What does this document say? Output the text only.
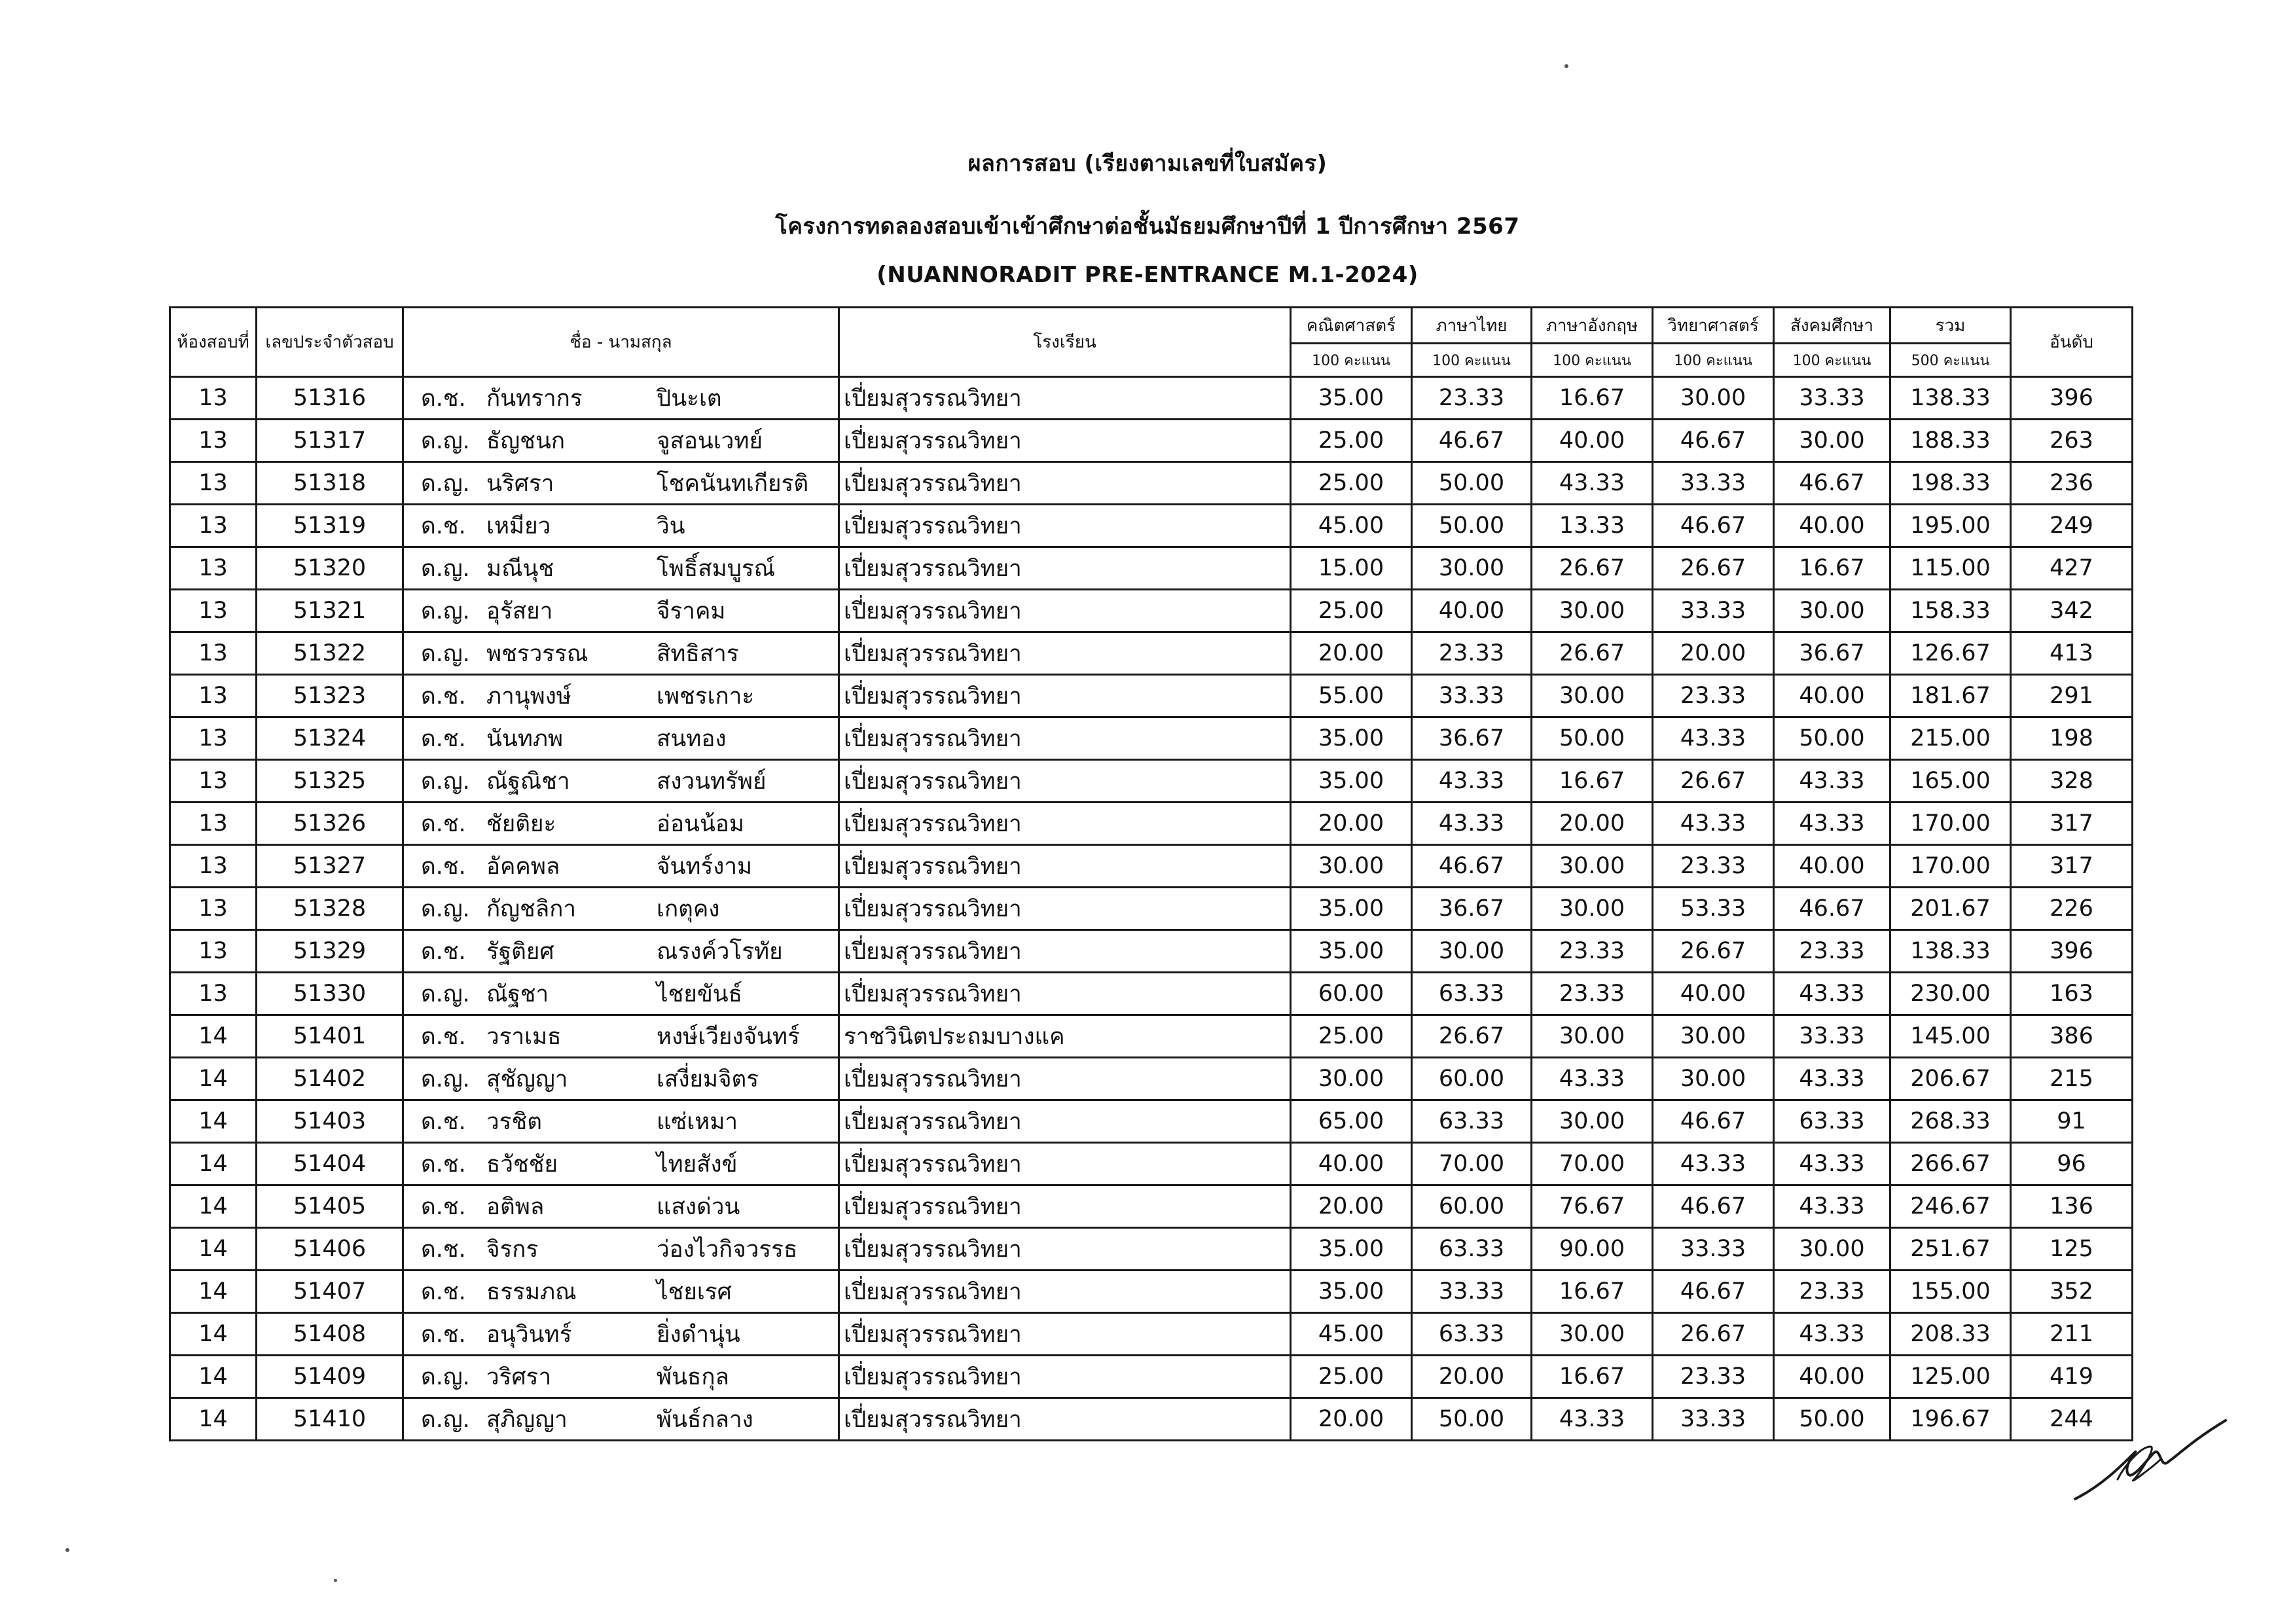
ผลการสอบ (เรียงตามเลขที่ใบสมัคร)
โครงการทดลองสอบเข้าเข้าศึกษาต่อชั้นมัธยมศึกษาปีที่ 1 ปีการศึกษา 2567
(NUANNORADIT PRE-ENTRANCE M.1-2024)
ห้องสอบที่	เลขประจำตัวสอบ	ชื่อ - นามสกุล	โรงเรียน	คณิตศาสตร์	ภาษาไทย	ภาษาอังกฤษ	วิทยาศาสตร์	สังคมศึกษา	รวม	อันดับ
				100 คะแนน	100 คะแนน	100 คะแนน	100 คะแนน	100 คะแนน	500 คะแนน	
13	51316	ด.ช. กันทรากร ปินะเต	เปี่ยมสุวรรณวิทยา	35.00	23.33	16.67	30.00	33.33	138.33	396
13	51317	ด.ญ. ธัญชนก จูสอนเวทย์	เปี่ยมสุวรรณวิทยา	25.00	46.67	40.00	46.67	30.00	188.33	263
13	51318	ด.ญ. นริศรา โชคนันทเกียรติ	เปี่ยมสุวรรณวิทยา	25.00	50.00	43.33	33.33	46.67	198.33	236
13	51319	ด.ช. เหมียว วิน	เปี่ยมสุวรรณวิทยา	45.00	50.00	13.33	46.67	40.00	195.00	249
13	51320	ด.ญ. มณีนุช โพธิ์สมบูรณ์	เปี่ยมสุวรรณวิทยา	15.00	30.00	26.67	26.67	16.67	115.00	427
13	51321	ด.ญ. อุรัสยา จีราคม	เปี่ยมสุวรรณวิทยา	25.00	40.00	30.00	33.33	30.00	158.33	342
13	51322	ด.ญ. พชรวรรณ สิทธิสาร	เปี่ยมสุวรรณวิทยา	20.00	23.33	26.67	20.00	36.67	126.67	413
13	51323	ด.ช. ภานุพงษ์ เพชรเกาะ	เปี่ยมสุวรรณวิทยา	55.00	33.33	30.00	23.33	40.00	181.67	291
13	51324	ด.ช. นันทภพ สนทอง	เปี่ยมสุวรรณวิทยา	35.00	36.67	50.00	43.33	50.00	215.00	198
13	51325	ด.ญ. ณัฐณิชา สงวนทรัพย์	เปี่ยมสุวรรณวิทยา	35.00	43.33	16.67	26.67	43.33	165.00	328
13	51326	ด.ช. ชัยติยะ อ่อนน้อม	เปี่ยมสุวรรณวิทยา	20.00	43.33	20.00	43.33	43.33	170.00	317
13	51327	ด.ช. อัคคพล จันทร์งาม	เปี่ยมสุวรรณวิทยา	30.00	46.67	30.00	23.33	40.00	170.00	317
13	51328	ด.ญ. กัญชลิกา เกตุคง	เปี่ยมสุวรรณวิทยา	35.00	36.67	30.00	53.33	46.67	201.67	226
13	51329	ด.ช. รัฐติยศ ณรงค์วโรทัย	เปี่ยมสุวรรณวิทยา	35.00	30.00	23.33	26.67	23.33	138.33	396
13	51330	ด.ญ. ณัฐชา ไชยขันธ์	เปี่ยมสุวรรณวิทยา	60.00	63.33	23.33	40.00	43.33	230.00	163
14	51401	ด.ช. วราเมธ หงษ์เวียงจันทร์	ราชวินิตประถมบางแค	25.00	26.67	30.00	30.00	33.33	145.00	386
14	51402	ด.ญ. สุชัญญา เสงี่ยมจิตร	เปี่ยมสุวรรณวิทยา	30.00	60.00	43.33	30.00	43.33	206.67	215
14	51403	ด.ช. วรชิต แซ่เหมา	เปี่ยมสุวรรณวิทยา	65.00	63.33	30.00	46.67	63.33	268.33	91
14	51404	ด.ช. ธวัชชัย ไทยสังข์	เปี่ยมสุวรรณวิทยา	40.00	70.00	70.00	43.33	43.33	266.67	96
14	51405	ด.ช. อติพล แสงด่วน	เปี่ยมสุวรรณวิทยา	20.00	60.00	76.67	46.67	43.33	246.67	136
14	51406	ด.ช. จิรกร ว่องไวกิจวรรธ	เปี่ยมสุวรรณวิทยา	35.00	63.33	90.00	33.33	30.00	251.67	125
14	51407	ด.ช. ธรรมภณ ไชยเรศ	เปี่ยมสุวรรณวิทยา	35.00	33.33	16.67	46.67	23.33	155.00	352
14	51408	ด.ช. อนุวินทร์ ยิ่งดำนุ่น	เปี่ยมสุวรรณวิทยา	45.00	63.33	30.00	26.67	43.33	208.33	211
14	51409	ด.ญ. วริศรา พันธกุล	เปี่ยมสุวรรณวิทยา	25.00	20.00	16.67	23.33	40.00	125.00	419
14	51410	ด.ญ. สุภิญญา พันธ์กลาง	เปี่ยมสุวรรณวิทยา	20.00	50.00	43.33	33.33	50.00	196.67	244
